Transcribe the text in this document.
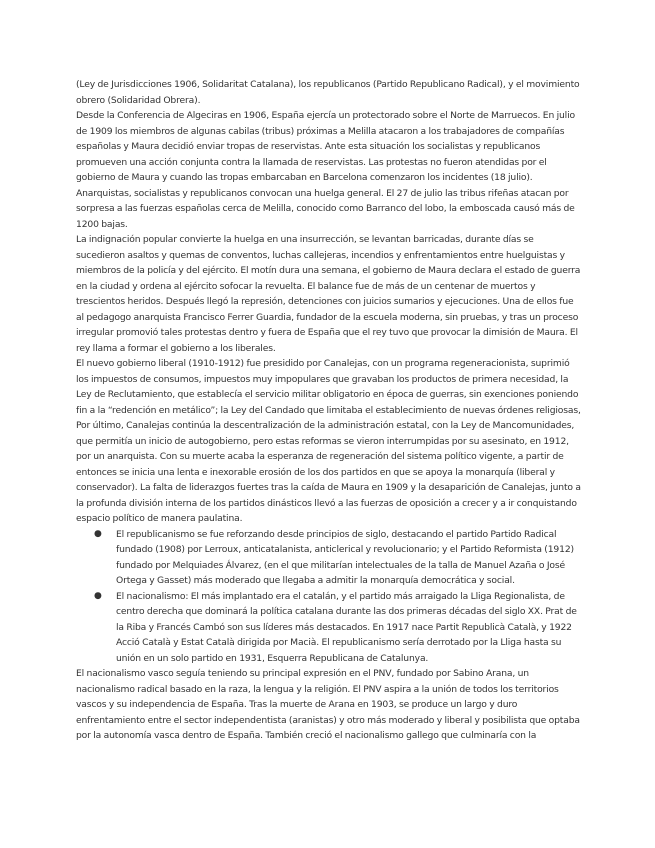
(Ley de Jurisdicciones 1906, Solidaritat Catalana), los republicanos (Partido Republicano Radical), y el movimiento obrero (Solidaridad Obrera).

Desde la Conferencia de Algeciras en 1906, España ejercía un protectorado sobre el Norte de Marruecos. En julio de 1909 los miembros de algunas cabilas (tribus) próximas a Melilla atacaron a los trabajadores de compañías españolas y Maura decidió enviar tropas de reservistas. Ante esta situación los socialistas y republicanos promueven una acción conjunta contra la llamada de reservistas. Las protestas no fueron atendidas por el gobierno de Maura y cuando las tropas embarcaban en Barcelona comenzaron los incidentes (18 julio). Anarquistas, socialistas y republicanos convocan una huelga general. El 27 de julio las tribus rifeñas atacan por sorpresa a las fuerzas españolas cerca de Melilla, conocido como Barranco del lobo, la emboscada causó más de 1200 bajas.

La indignación popular convierte la huelga en una insurrección, se levantan barricadas, durante días se sucedieron asaltos y quemas de conventos, luchas callejeras, incendios y enfrentamientos entre huelguistas y miembros de la policía y del ejército. El motín dura una semana, el gobierno de Maura declara el estado de guerra en la ciudad y ordena al ejército sofocar la revuelta. El balance fue de más de un centenar de muertos y trescientos heridos. Después llegó la represión, detenciones con juicios sumarios y ejecuciones. Una de ellos fue al pedagogo anarquista Francisco Ferrer Guardia, fundador de la escuela moderna, sin pruebas, y tras un proceso irregular promovió tales protestas dentro y fuera de España que el rey tuvo que provocar la dimisión de Maura. El rey llama a formar el gobierno a los liberales.

El nuevo gobierno liberal (1910-1912) fue presidido por Canalejas, con un programa regeneracionista, suprimió los impuestos de consumos, impuestos muy impopulares que gravaban los productos de primera necesidad, la Ley de Reclutamiento, que establecía el servicio militar obligatorio en época de guerras, sin exenciones poniendo fin a la “redención en metálico”; la Ley del Candado que limitaba el establecimiento de nuevas órdenes religiosas, Por último, Canalejas continúa la descentralización de la administración estatal, con la Ley de Mancomunidades, que permitía un inicio de autogobierno, pero estas reformas se vieron interrumpidas por su asesinato, en 1912, por un anarquista. Con su muerte acaba la esperanza de regeneración del sistema político vigente, a partir de entonces se inicia una lenta e inexorable erosión de los dos partidos en que se apoya la monarquía (liberal y conservador). La falta de liderazgos fuertes tras la caída de Maura en 1909 y la desaparición de Canalejas, junto a la profunda división interna de los partidos dinásticos llevó a las fuerzas de oposición a crecer y a ir conquistando espacio político de manera paulatina.

● El republicanismo se fue reforzando desde principios de siglo, destacando el partido Partido Radical fundado (1908) por Lerroux, anticatalanista, anticlerical y revolucionario; y el Partido Reformista (1912) fundado por Melquiades Álvarez, (en el que militarían intelectuales de la talla de Manuel Azaña o José Ortega y Gasset) más moderado que llegaba a admitir la monarquía democrática y social.
● El nacionalismo: El más implantado era el catalán, y el partido más arraigado la Lliga Regionalista, de centro derecha que dominará la política catalana durante las dos primeras décadas del siglo XX. Prat de la Riba y Francés Cambó son sus líderes más destacados. En 1917 nace Partit Republicà Català, y 1922 Acció Català y Estat Català dirigida por Macià. El republicanismo sería derrotado por la Lliga hasta su unión en un solo partido en 1931, Esquerra Republicana de Catalunya.

El nacionalismo vasco seguía teniendo su principal expresión en el PNV, fundado por Sabino Arana, un nacionalismo radical basado en la raza, la lengua y la religión. El PNV aspira a la unión de todos los territorios vascos y su independencia de España. Tras la muerte de Arana en 1903, se produce un largo y duro enfrentamiento entre el sector independentista (aranistas) y otro más moderado y liberal y posibilista que optaba por la autonomía vasca dentro de España. También creció el nacionalismo gallego que culminaría con la
